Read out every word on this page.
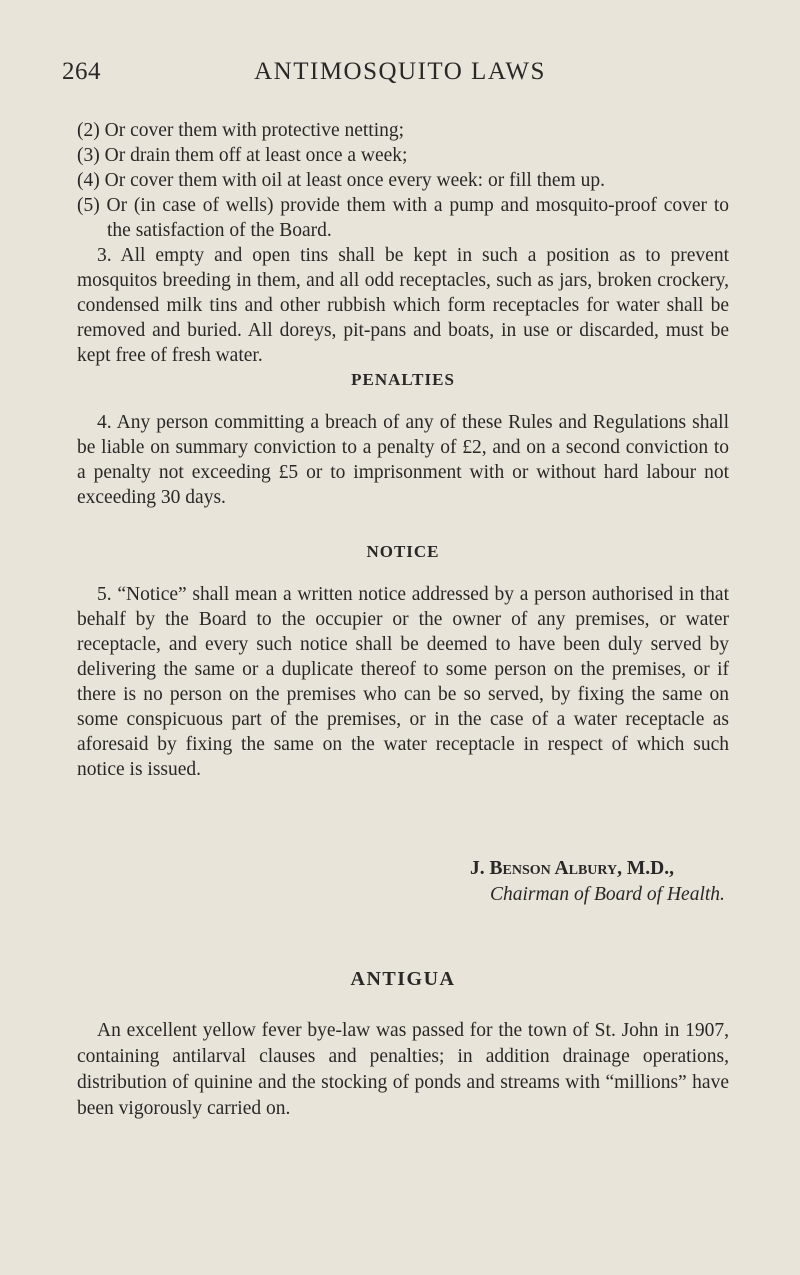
264	ANTIMOSQUITO LAWS

(2) Or cover them with protective netting;

(3) Or drain them off at least once a week;

(4) Or cover them with oil at least once every week: or fill them up.

(5) Or (in case of wells) provide them with a pump and mosquito-proof cover to the satisfaction of the Board.

3. All empty and open tins shall be kept in such a position as to prevent mosquitos breeding in them, and all odd receptacles, such as jars, broken crockery, condensed milk tins and other rubbish which form receptacles for water shall be removed and buried. All doreys, pit-pans and boats, in use or discarded, must be kept free of fresh water.

PENALTIES

4. Any person committing a breach of any of these Rules and Regulations shall be liable on summary conviction to a penalty of £2, and on a second conviction to a penalty not exceeding £5 or to imprisonment with or without hard labour not exceeding 30 days.

NOTICE

5. “Notice” shall mean a written notice addressed by a person authorised in that behalf by the Board to the occupier or the owner of any premises, or water receptacle, and every such notice shall be deemed to have been duly served by delivering the same or a duplicate thereof to some person on the premises, or if there is no person on the premises who can be so served, by fixing the same on some conspicuous part of the premises, or in the case of a water receptacle as aforesaid by fixing the same on the water receptacle in respect of which such notice is issued.

J. Benson Albury, M.D.,
Chairman of Board of Health.
ANTIGUA

An excellent yellow fever bye-law was passed for the town of St. John in 1907, containing antilarval clauses and penalties; in addition drainage operations, distribution of quinine and the stocking of ponds and streams with “millions” have been vigorously carried on.
